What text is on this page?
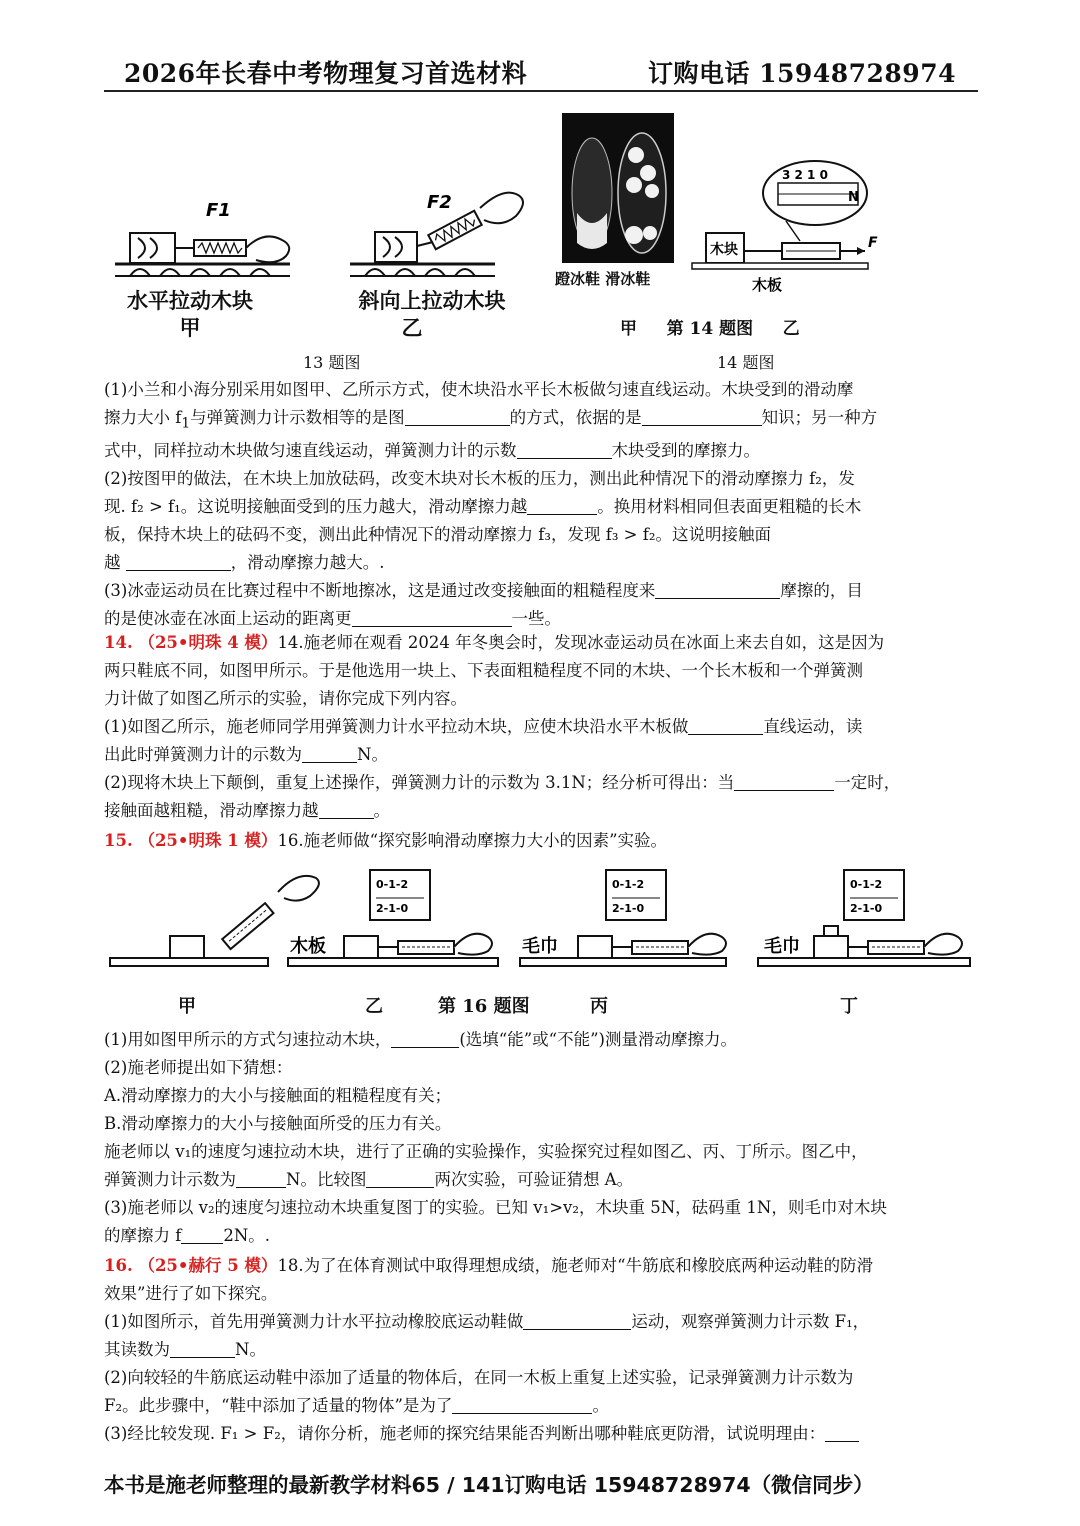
2026年长春中考物理复习首选材料	订购电话 15948728974
F1
水平拉动木块
甲
F2
斜向上拉动木块
乙
蹬冰鞋 滑冰鞋
3 2 1 0
N
木块	F
木板
甲     第 14 题图     乙
13 题图	14 题图
(1)小兰和小海分别采用如图甲、乙所示方式，使木块沿水平长木板做匀速直线运动。木块受到的滑动摩
擦力大小 $f_1$与弹簧测力计示数相等的是图	的方式，依据的是	知识；另一种方
式中，同样拉动木块做匀速直线运动，弹簧测力计的示数	木块受到的摩擦力。
(2)按图甲的做法，在木块上加放砝码，改变木块对长木板的压力，测出此种情况下的滑动摩擦力 f₂，发
现. f₂ > f₁。这说明接触面受到的压力越大，滑动摩擦力越	。换用材料相同但表面更粗糙的长木
板，保持木块上的砝码不变，测出此种情况下的滑动摩擦力 f₃，发现 f₃ > f₂。这说明接触面
越	，滑动摩擦力越大。.
(3)冰壶运动员在比赛过程中不断地擦冰，这是通过改变接触面的粗糙程度来	摩擦的，目
的是使冰壶在冰面上运动的距离更	一些。
14. （25•明珠 4 模）14.施老师在观看 2024 年冬奥会时，发现冰壶运动员在冰面上来去自如，这是因为
两只鞋底不同，如图甲所示。于是他选用一块上、下表面粗糙程度不同的木块、一个长木板和一个弹簧测
力计做了如图乙所示的实验，请你完成下列内容。
(1)如图乙所示，施老师同学用弹簧测力计水平拉动木块，应使木块沿水平木板做	直线运动，读
出此时弹簧测力计的示数为	N。
(2)现将木块上下颠倒，重复上述操作，弹簧测力计的示数为 3.1N；经分析可得出：当	一定时，
接触面越粗糙，滑动摩擦力越	。
15. （25•明珠 1 模）16.施老师做“探究影响滑动摩擦力大小的因素”实验。
木板
0-1-2
2-1-0
毛巾
0-1-2
2-1-0
毛巾
0-1-2
2-1-0
甲	乙	第 16 题图	丙	丁
(1)用如图甲所示的方式匀速拉动木块，	(选填“能”或“不能”)测量滑动摩擦力。
(2)施老师提出如下猜想：
A.滑动摩擦力的大小与接触面的粗糙程度有关；
B.滑动摩擦力的大小与接触面所受的压力有关。
施老师以 v₁的速度匀速拉动木块，进行了正确的实验操作，实验探究过程如图乙、丙、丁所示。图乙中，
弹簧测力计示数为	N。比较图	两次实验，可验证猜想 A。
(3)施老师以 v₂的速度匀速拉动木块重复图丁的实验。已知 v₁>v₂，木块重 5N，砝码重 1N，则毛巾对木块
的摩擦力 f	2N。.
16. （25•赫行 5 模）18.为了在体育测试中取得理想成绩，施老师对“牛筋底和橡胶底两种运动鞋的防滑
效果”进行了如下探究。
(1)如图所示，首先用弹簧测力计水平拉动橡胶底运动鞋做	运动，观察弹簧测力计示数 F₁，
其读数为	N。
(2)向较轻的牛筋底运动鞋中添加了适量的物体后，在同一木板上重复上述实验，记录弹簧测力计示数为
F₂。此步骤中，“鞋中添加了适量的物体”是为了	。
(3)经比较发现. F₁ > F₂，请你分析，施老师的探究结果能否判断出哪种鞋底更防滑，试说明理由：
本书是施老师整理的最新教学材料65 / 141订购电话 15948728974（微信同步）
